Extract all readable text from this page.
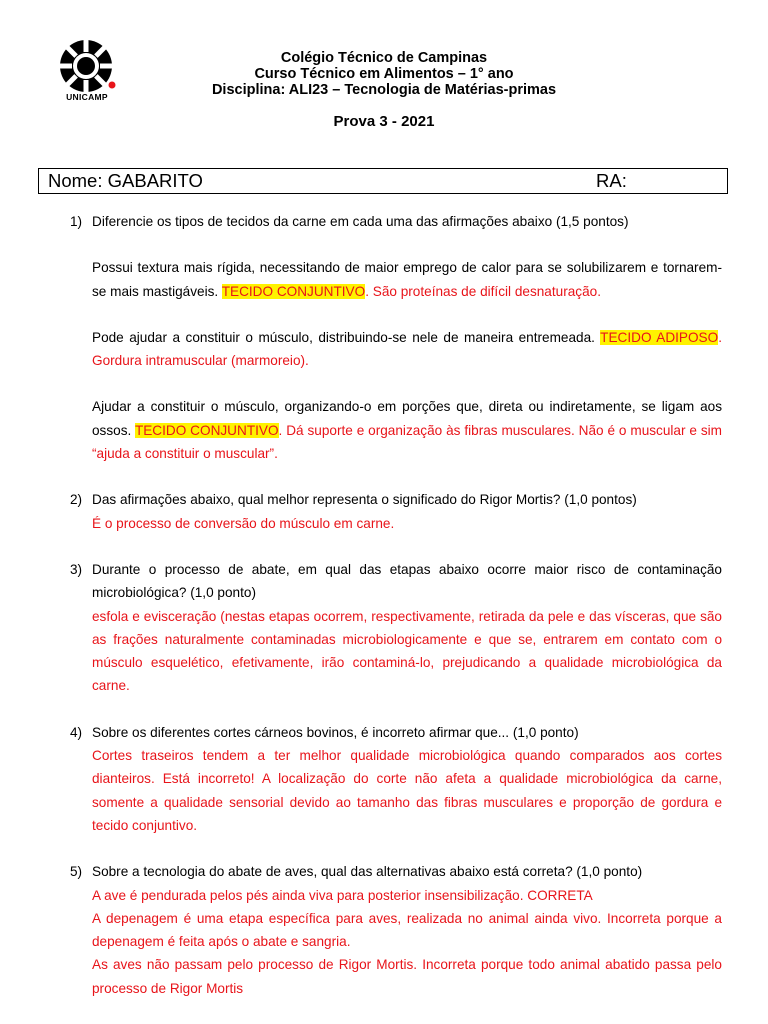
UNICAMP
Colégio Técnico de Campinas
Curso Técnico em Alimentos – 1° ano
Disciplina: ALI23 – Tecnologia de Matérias-primas
Prova 3 - 2021
Nome: GABARITO	RA:
1) Diferencie os tipos de tecidos da carne em cada uma das afirmações abaixo (1,5 pontos)
Possui textura mais rígida, necessitando de maior emprego de calor para se solubilizarem e tornarem-se mais mastigáveis. TECIDO CONJUNTIVO. São proteínas de difícil desnaturação.
Pode ajudar a constituir o músculo, distribuindo-se nele de maneira entremeada. TECIDO ADIPOSO. Gordura intramuscular (marmoreio).
Ajudar a constituir o músculo, organizando-o em porções que, direta ou indiretamente, se ligam aos ossos. TECIDO CONJUNTIVO. Dá suporte e organização às fibras musculares. Não é o muscular e sim “ajuda a constituir o muscular”.
2) Das afirmações abaixo, qual melhor representa o significado do Rigor Mortis? (1,0 pontos)
É o processo de conversão do músculo em carne.
3) Durante o processo de abate, em qual das etapas abaixo ocorre maior risco de contaminação microbiológica? (1,0 ponto)
esfola e evisceração (nestas etapas ocorrem, respectivamente, retirada da pele e das vísceras, que são as frações naturalmente contaminadas microbiologicamente e que se, entrarem em contato com o músculo esquelético, efetivamente, irão contaminá-lo, prejudicando a qualidade microbiológica da carne.
4) Sobre os diferentes cortes cárneos bovinos, é incorreto afirmar que... (1,0 ponto)
Cortes traseiros tendem a ter melhor qualidade microbiológica quando comparados aos cortes dianteiros. Está incorreto! A localização do corte não afeta a qualidade microbiológica da carne, somente a qualidade sensorial devido ao tamanho das fibras musculares e proporção de gordura e tecido conjuntivo.
5) Sobre a tecnologia do abate de aves, qual das alternativas abaixo está correta? (1,0 ponto)
A ave é pendurada pelos pés ainda viva para posterior insensibilização. CORRETA
A depenagem é uma etapa específica para aves, realizada no animal ainda vivo. Incorreta porque a depenagem é feita após o abate e sangria.
As aves não passam pelo processo de Rigor Mortis. Incorreta porque todo animal abatido passa pelo processo de Rigor Mortis
